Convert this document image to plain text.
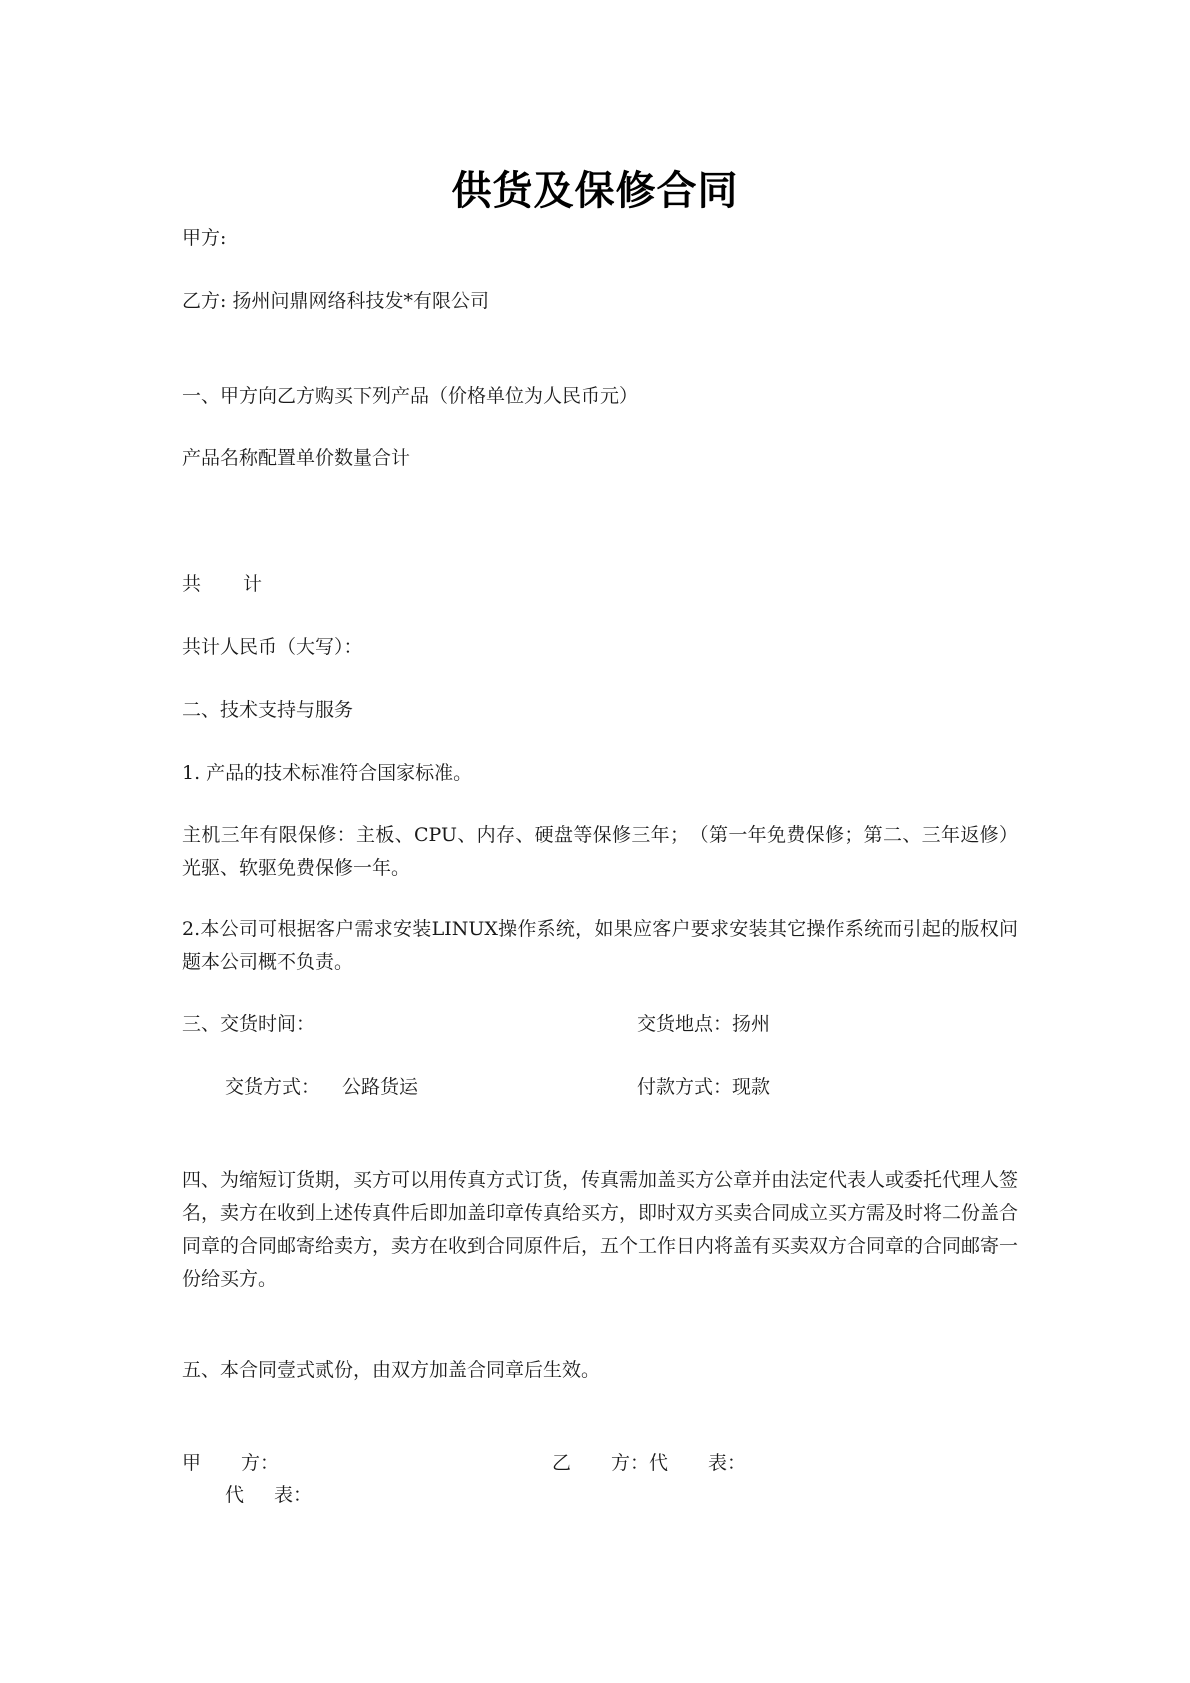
供货及保修合同
甲方:
乙方: 扬州问鼎网络科技发*有限公司
一、甲方向乙方购买下列产品（价格单位为人民币元）
产品名称配置单价数量合计
共 计
共计人民币（大写）：
二、技术支持与服务
1. 产品的技术标准符合国家标准。
主机三年有限保修：主板、CPU、内存、硬盘等保修三年；　（第一年免费保修；第二、三年返修）光驱、软驱免费保修一年。
2.本公司可根据客户需求安装LINUX操作系统，如果应客户要求安装其它操作系统而引起的版权问题本公司概不负责。
三、交货时间：	交货地点：扬州
交货方式： 公路货运	付款方式：现款
四、为缩短订货期，买方可以用传真方式订货，传真需加盖买方公章并由法定代表人或委托代理人签名，卖方在收到上述传真件后即加盖印章传真给买方，即时双方买卖合同成立买方需及时将二份盖合同章的合同邮寄给卖方，卖方在收到合同原件后，五个工作日内将盖有买卖双方合同章的合同邮寄一份给买方。
五、本合同壹式贰份，由双方加盖合同章后生效。
甲 方：	乙 方：代 表：
代 表：
